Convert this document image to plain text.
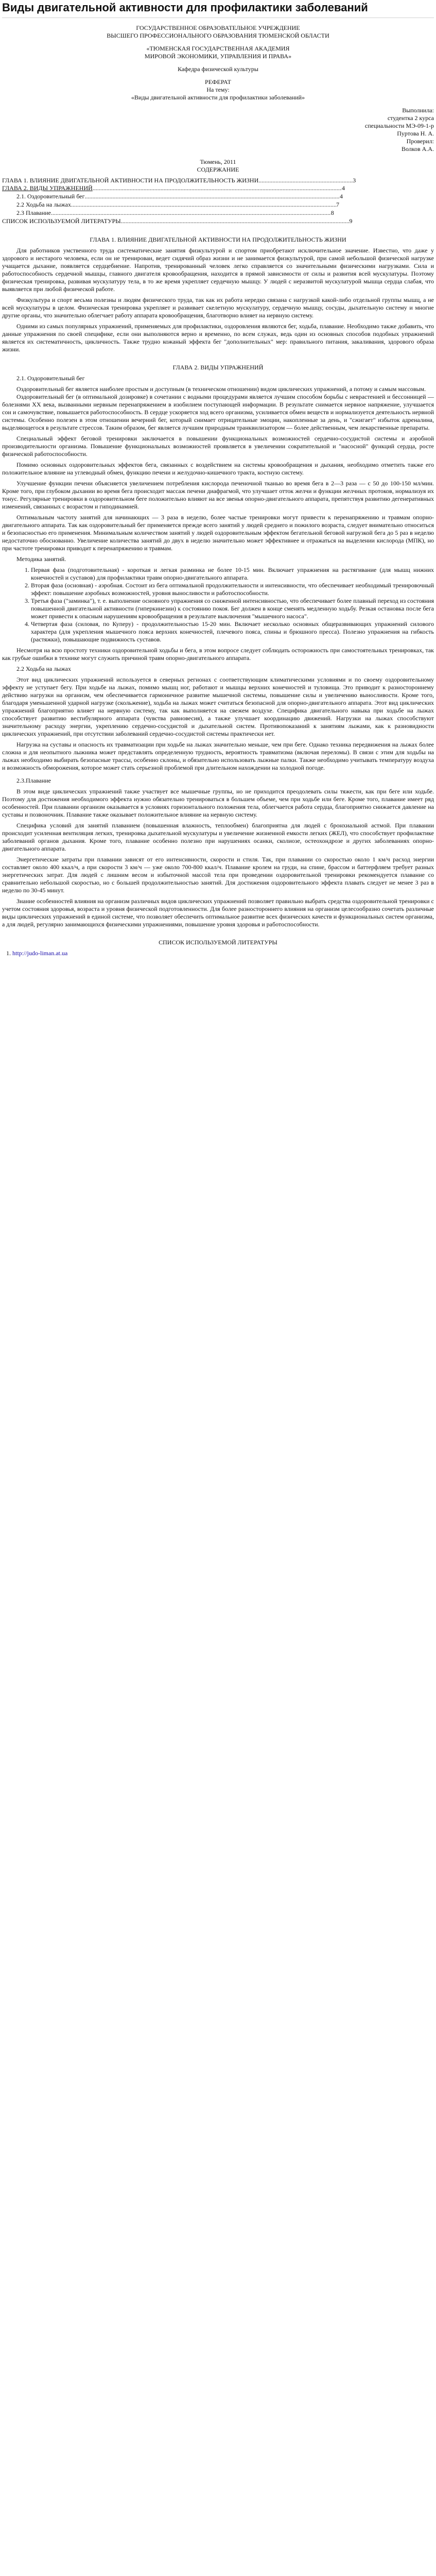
Виды двигательной активности для профилактики заболеваний
ГОСУДАРСТВЕННОЕ ОБРАЗОВАТЕЛЬНОЕ УЧРЕЖДЕНИЕ
ВЫСШЕГО ПРОФЕССИОНАЛЬНОГО ОБРАЗОВАНИЯ ТЮМЕНСКОЙ ОБЛАСТИ
«ТЮМЕНСКАЯ ГОСУДАРСТВЕННАЯ АКАДЕМИЯ
МИРОВОЙ ЭКОНОМИКИ, УПРАВЛЕНИЯ И ПРАВА»
Кафедра физической культуры
РЕФЕРАТ
На тему:
«Виды двигательной активности для профилактики заболеваний»
Выполнила:
студентка 2 курса
специальности МЭ-09-1-р
Пуртова Н. А.
Проверил:
Волков А.А.
Тюмень, 2011
СОДЕРЖАНИЕ
ГЛАВА 1. ВЛИЯНИЕ ДВИГАТЕЛЬНОЙ АКТИВНОСТИ НА ПРОДОЛЖИТЕЛЬНОСТЬ ЖИЗНИ.............................................................3
ГЛАВА 2. ВИДЫ УПРАЖНЕНИЙ .....	4
2.1. Оздоровительный бег .....	4
2.2 Ходьба на лыжах .....	7
2.3 Плавание .....	8
СПИСОК ИСПОЛЬЗУЕМОЙ ЛИТЕРАТУРЫ .....	9
ГЛАВА 1. ВЛИЯНИЕ ДВИГАТЕЛЬНОЙ АКТИВНОСТИ НА ПРОДОЛЖИТЕЛЬНОСТЬ ЖИЗНИ

Для работников умственного труда систематические занятия физкультурой и спортом приобретают исключительное значение. Известно, что даже у здорового и нестарого человека, если он не тренирован, ведет сидячий образ жизни и не занимается физкультурой, при самой небольшой физической нагрузке учащается дыхание, появляется сердцебиение. Напротив, тренированный человек легко справляется со значительными физическими нагрузками. Сила и работоспособность сердечной мышцы, главного двигателя кровообращения, находится в прямой зависимости от силы и развития всей мускулатуры. Поэтому физическая тренировка, развивая мускулатуру тела, в то же время укрепляет сердечную мышцу. У людей с неразвитой мускулатурой мышца сердца слабая, что выявляется при любой физической работе.

Физкультура и спорт весьма полезны и людям физического труда, так как их работа нередко связана с нагрузкой какой-либо отдельной группы мышц, а не всей мускулатуры в целом. Физическая тренировка укрепляет и развивает скелетную мускулатуру, сердечную мышцу, сосуды, дыхательную систему и многие другие органы, что значительно облегчает работу аппарата кровообращения, благотворно влияет на нервную систему.

Одними из самых популярных упражнений, применяемых для профилактики, оздоровления являются бег, ходьба, плавание. Необходимо также добавить, что данные упражнения по своей специфике, если они выполняются верно и временно, по всем служах, ведь один из основных способов подобных упражнений является их систематичность, цикличность. Также трудно кожаный эффекта бег "дополнительных" мер: правильного питания, закаливания, здорового образа жизни.

ГЛАВА 2. ВИДЫ УПРАЖНЕНИЙ
2.1. Оздоровительный бег

Оздоровительный бег является наиболее простым и доступным (в техническом отношении) видом циклических упражнений, а потому и самым массовым.

Оздоровительный бег (в оптимальной дозировке) в сочетании с водными процедурами является лучшим способом борьбы с неврастенией и бессонницей — болезнями XX века, вызванными нервным перенапряжением в изобилием поступающей информации. В результате снимается нервное напряжение, улучшается сон и самочувствие, повышается работоспособность. В сердце ускоряется ход всего организма, усиливается обмен веществ и нормализуется деятельность нервной системы. Особенно полезен в этом отношении вечерний бег, который снимает отрицательные эмоции, накопленные за день, и "сжигает" избыток адреналина, выделяющегося в результате стрессов. Таким образом, бег является лучшим природным транквилизатором — более действенным, чем лекарственные препараты.

Специальный эффект беговой тренировки заключается в повышении функциональных возможностей сердечно-сосудистой системы и аэробной производительности организма. Повышение функциональных возможностей проявляется в увеличении сократительной и "насосной" функций сердца, росте физической работоспособности.

Помимо основных оздоровительных эффектов бега, связанных с воздействием на системы кровообращения и дыхания, необходимо отметить также его положительное влияние на углеводный обмен, функцию печени и желудочно-кишечного тракта, костную систему.

Улучшение функции печени объясняется увеличением потребления кислорода печеночной тканью во время бега в 2—3 раза — с 50 до 100-150 мл/мин. Кроме того, при глубоком дыхании во время бега происходит массаж печени диафрагмой, что улучшает отток желчи и функции желчных протоков, нормализуя их тонус. Регулярные тренировки в оздоровительном беге положительно влияют на все звенья опорно-двигательного аппарата, препятствуя развитию дегенеративных изменений, связанных с возрастом и гиподинамией.

Оптимальным частоту занятий для начинающих — 3 раза в неделю, более частые тренировки могут привести к перенапряжению и травмам опорно-двигательного аппарата. Так как оздоровительный бег применяется прежде всего занятий у людей среднего и пожилого возраста, следует внимательно относиться и безопасностью его применения. Минимальным количеством занятий у людей оздоровительным эффектом бегательной беговой нагрузкой бега до 5 раз в неделю недостаточно обоснованно. Увеличение количества занятий до двух в неделю значительно может эффективнее и отражаться на выделении кислорода (МПК), но при частоте тренировки приводит к перенапряжению и травмам.

Методика занятий.
1. Первая фаза (подготовительная) - короткая и легкая разминка не более 10-15 мин. Включает упражнения на растягивание (для мышц нижних конечностей и суставов) для профилактики травм опорно-двигательного аппарата.
2. Вторая фаза (основная) - аэробная. Состоит из бега оптимальной продолжительности и интенсивности, что обеспечивает необходимый тренировочный эффект: повышение аэробных возможностей, уровня выносливости и работоспособности.
3. Третья фаза ("заминка"), т. е. выполнение основного упражнения со сниженной интенсивностью, что обеспечивает более плавный переход из состояния повышенной двигательной активности (гиперкинезии) к состоянию покоя. Бег должен в конце сменять медленную ходьбу. Резкая остановка после бега может привести к опасным нарушениям кровообращения в результате выключения "мышечного насоса".
4. Четвертая фаза (силовая, по Куперу) - продолжительностью 15-20 мин. Включает несколько основных общеразвивающих упражнений силового характера (для укрепления мышечного пояса верхних конечностей, плечевого пояса, спины и брюшного пресса). Полезно упражнения на гибкость (растяжки), повышающие подвижность суставов.

Несмотря на всю простоту техники оздоровительной ходьбы и бега, в этом вопросе следует соблюдать осторожность при самостоятельных тренировках, так как грубые ошибки в технике могут служить причиной травм опорно-двигательного аппарата.

2.2 Ходьба на лыжах

Этот вид циклических упражнений используется в северных регионах с соответствующим климатическими условиями и по своему оздоровительному эффекту не уступает бегу. При ходьбе на лыжах, помимо мышц ног, работают и мышцы верхних конечностей и туловища. Это приводит к разностороннему действию нагрузки на организм, чем обеспечивается гармоничное развитие мышечной системы, повышение силы и увеличению выносливости. Кроме того, благодаря уменьшенной ударной нагрузке (скольжение), ходьба на лыжах может считаться безопасной для опорно-двигательного аппарата. Этот вид циклических упражнений благоприятно влияет на нервную систему, так как выполняется на свежем воздухе. Специфика двигательного навыка при ходьбе на лыжах способствует развитию вестибулярного аппарата (чувства равновесия), а также улучшает координацию движений. Нагрузки на лыжах способствуют значительному расходу энергии, укреплению сердечно-сосудистой и дыхательной систем. Противопоказаний к занятиям лыжами, как к разновидности циклических упражнений, при отсутствии заболеваний сердечно-сосудистой системы практически нет.

Нагрузка на суставы и опасность их травматизации при ходьбе на лыжах значительно меньше, чем при беге. Однако техника передвижения на лыжах более сложна и для неопытного лыжника может представлять определенную трудность, вероятность травматизма (включая переломы). В связи с этим для ходьбы на лыжах необходимо выбирать безопасные трассы, особенно склоны, и обязательно использовать лыжные палки. Также необходимо учитывать температуру воздуха и возможность обморожения, которое может стать серьезной проблемой при длительном нахождении на холодной погоде.

2.3.Плавание

В этом виде циклических упражнений также участвует все мышечные группы, но не приходится преодолевать силы тяжести, как при беге или ходьбе. Поэтому для достижения необходимого эффекта нужно обязательно тренироваться в большем объеме, чем при ходьбе или беге. Кроме того, плавание имеет ряд особенностей. При плавании организм оказывается в условиях горизонтального положения тела, облегчается работа сердца, благоприятно снижается давление на суставы и позвоночник. Плавание также оказывает положительное влияние на нервную систему.

Специфика условий для занятий плаванием (повышенная влажность, теплообмен) благоприятна для людей с бронхиальной астмой. При плавании происходит усиленная вентиляция легких, тренировка дыхательной мускулатуры и увеличение жизненной емкости легких (ЖЕЛ), что способствует профилактике заболеваний органов дыхания. Кроме того, плавание особенно полезно при нарушениях осанки, сколиозе, остеохондрозе и других заболеваниях опорно-двигательного аппарата.

Энергетические затраты при плавании зависят от его интенсивности, скорости и стиля. Так, при плавании со скоростью около 1 км/ч расход энергии составляет около 400 ккал/ч, а при скорости 3 км/ч — уже около 700-800 ккал/ч. Плавание кролем на груди, на спине, брассом и баттерфляем требует разных энергетических затрат. Для людей с лишним весом и избыточной массой тела при проведении оздоровительной тренировки рекомендуется плавание со сравнительно небольшой скоростью, но с большей продолжительностью занятий. Для достижения оздоровительного эффекта плавать следует не менее 3 раз в неделю по 30-45 минут.

Знание особенностей влияния на организм различных видов циклических упражнений позволяет правильно выбрать средства оздоровительной тренировки с учетом состояния здоровья, возраста и уровня физической подготовленности. Для более разностороннего влияния на организм целесообразно сочетать различные виды циклических упражнений в единой системе, что позволяет обеспечить оптимальное развитие всех физических качеств и функциональных систем организма, а для людей, регулярно занимающихся физическими упражнениями, повышение уровня здоровья и работоспособности.

СПИСОК ИСПОЛЬЗУЕМОЙ ЛИТЕРАТУРЫ
1. http://judo-liman.at.ua
